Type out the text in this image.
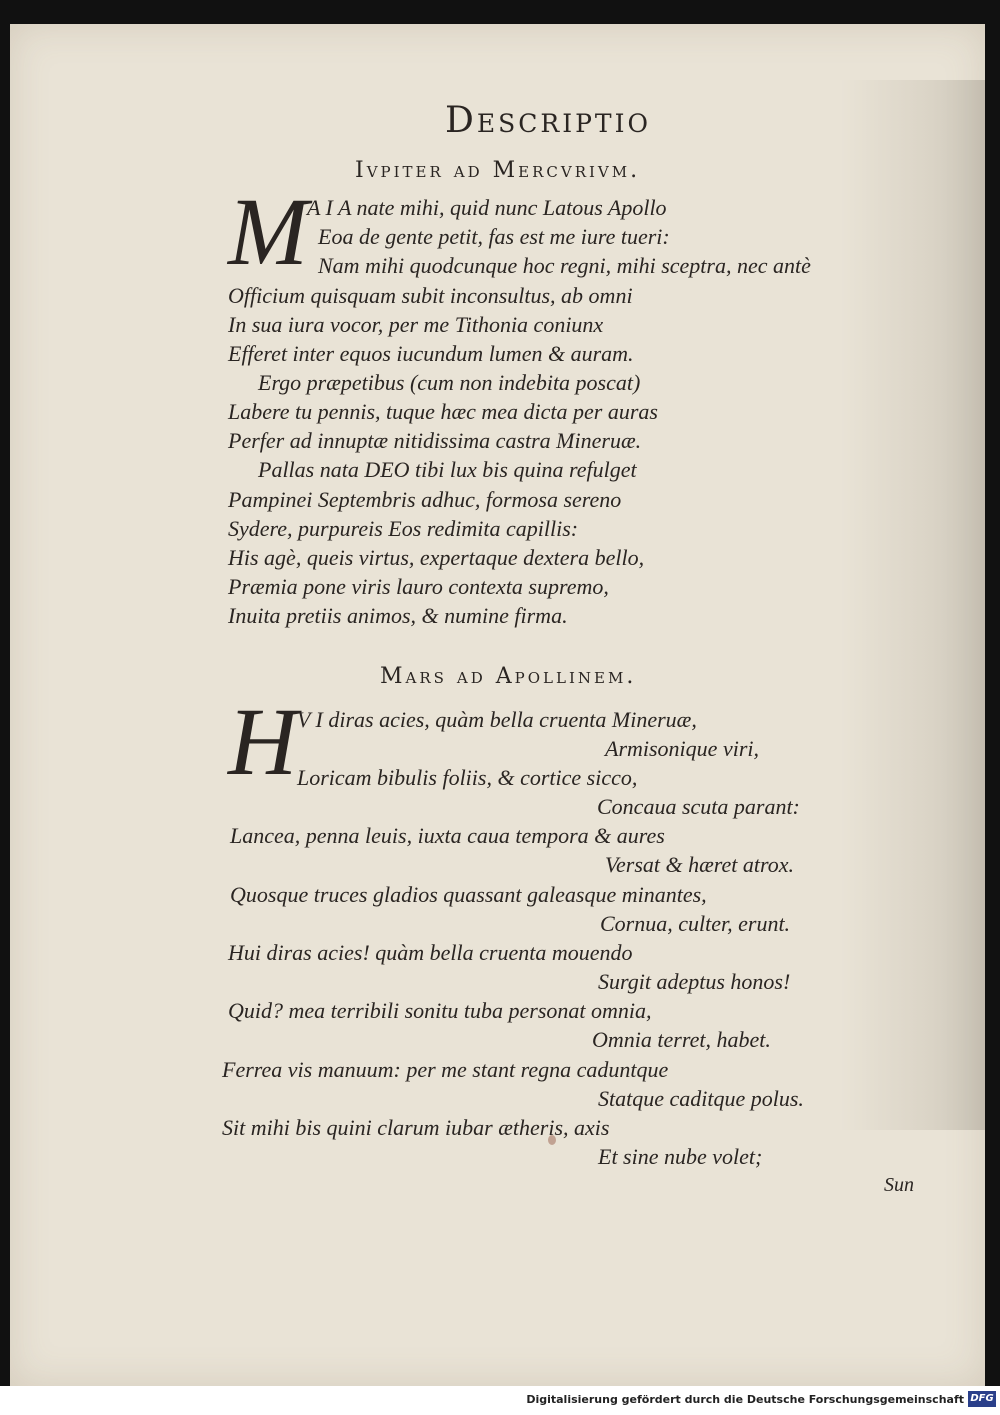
Descriptio
Ivpiter ad Mercvrivm.
M A I A nate mihi, quid nunc Latous Apollo
Eoa de gente petit, fas est me iure tueri:
Nam mihi quodcunque hoc regni, mihi sceptra, nec antè
Officium quisquam subit inconsultus, ab omni
In sua iura vocor, per me Tithonia coniunx
Efferet inter equos iucundum lumen & auram.
Ergo præpetibus (cum non indebita poscat)
Labere tu pennis, tuque hæc mea dicta per auras
Perfer ad innuptæ nitidissima castra Mineruæ.
Pallas nata DEO tibi lux bis quina refulget
Pampinei Septembris adhuc, formosa sereno
Sydere, purpureis Eos redimita capillis:
His agè, queis virtus, expertaque dextera bello,
Præmia pone viris lauro contexta supremo,
Inuita pretiis animos, & numine firma.
Mars ad Apollinem.
H V I diras acies, quàm bella cruenta Mineruæ,
Armisonique viri,
Loricam bibulis foliis, & cortice sicco,
Concaua scuta parant:
Lancea, penna leuis, iuxta caua tempora & aures
Versat & hæret atrox.
Quosque truces gladios quassant galeasque minantes,
Cornua, culter, erunt.
Hui diras acies! quàm bella cruenta mouendo
Surgit adeptus honos!
Quid? mea terribili sonitu tuba personat omnia,
Omnia terret, habet.
Ferrea vis manuum: per me stant regna caduntque
Statque caditque polus.
Sit mihi bis quini clarum iubar ætheris, axis
Et sine nube volet;
Sun
Digitalisierung gefördert durch die Deutsche Forschungsgemeinschaft DFG
